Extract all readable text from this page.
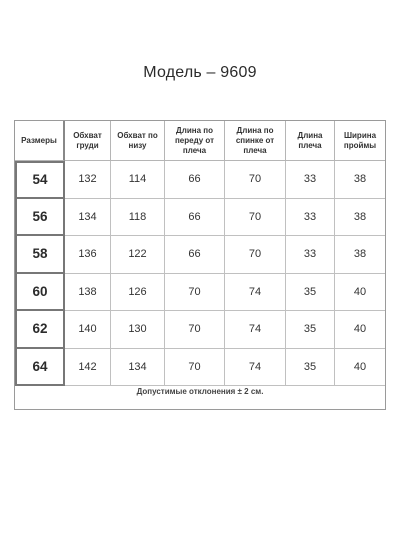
Модель – 9609
Размеры	Обхват груди	Обхват по низу	Длина по переду от плеча	Длина по спинке от плеча	Длина плеча	Ширина проймы
54	132	114	66	70	33	38
56	134	118	66	70	33	38
58	136	122	66	70	33	38
60	138	126	70	74	35	40
62	140	130	70	74	35	40
64	142	134	70	74	35	40
Допустимые отклонения ± 2 см.
